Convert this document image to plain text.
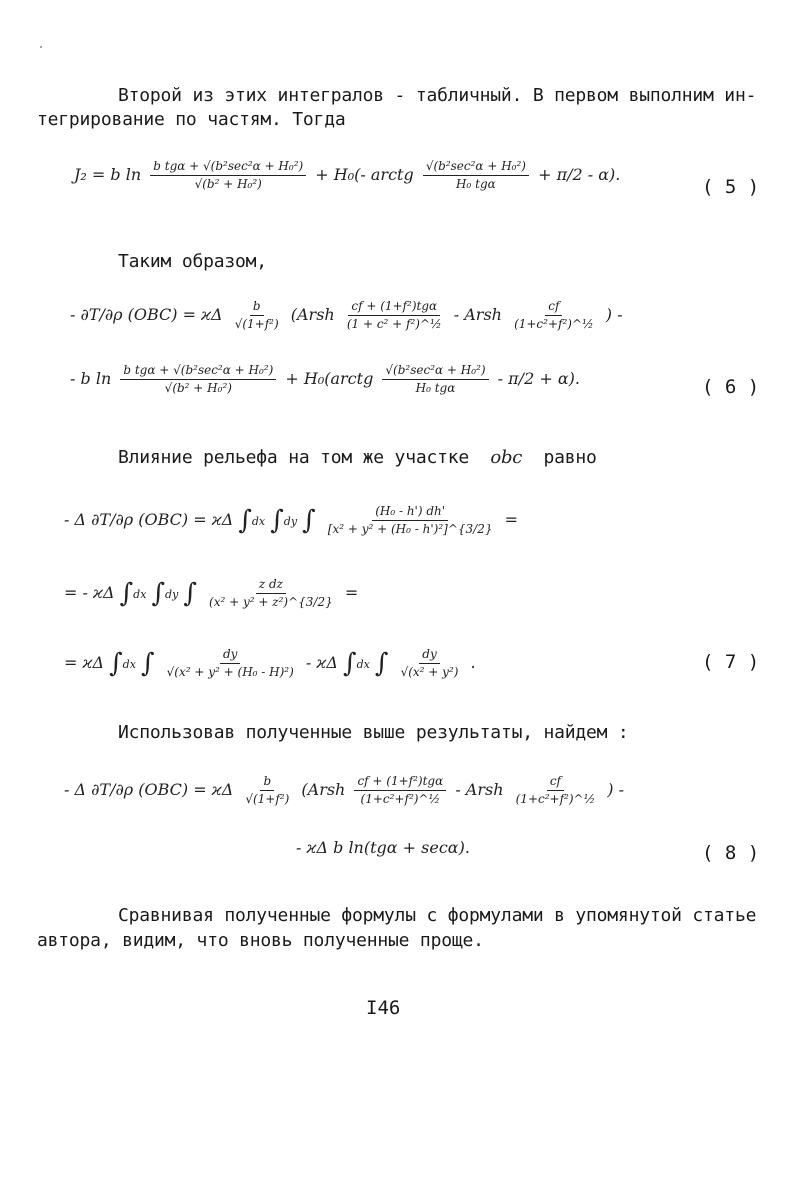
Второй из этих интегралов - табличный. В первом выполним ин-
тегрирование по частям. Тогда
J₂ = b $\ln \frac{\text{b tgα + √(b²sec²α + H₀²)}}{\text{√(b² + H₀²)}} + H_0(-$ arctg $\frac{\text{√(b²sec²α + H₀²)}}{\text{H₀ tgα}} + \pi/2 - \alpha$).
( 5 )
Таким образом,
- ∂T/∂ρ (OBC) = ϰΔ $\frac{b}{\text{√(1+f²)}}$ (Arsh $\frac{\text{cf + (1+f²)tgα}}{\text{(1 + c² + f²)\textasciicircum{}½}}$ - Arsh $\frac{cf}{\text{(1+c²+f²)\textasciicircum{}½}}$ ) -
- b $\ln \frac{\text{b tgα + √(b²sec²α + H₀²)}}{\text{√(b² + H₀²)}}$ + H₀(arctg $\frac{\text{√(b²sec²α + H₀²)}}{\text{H₀ tgα}} - \pi/2 + \alpha$).	( 6 )
Влияние рельефа на том же участке obc равно
- Δ ∂T/∂ρ (OBC) = ϰΔ ∫dx ∫dy ∫ $\frac{\text{(H₀ - h') dh'}}{\text{[x² + y² + (H₀ - h')²]\textasciicircum{}\{3/2\}}}$ =
= - ϰΔ ∫dx ∫dy ∫ $\frac{\text{z dz}}{\text{(x² + y² + z²)\textasciicircum{}\{3/2\}}}$ =
= ϰΔ ∫dx ∫ $\frac{dy}{\text{√(x² + y² + (H₀ - H)²)}}$ - ϰΔ ∫dx ∫ $\frac{dy}{\text{√(x² + y²)}}$ .	( 7 )
Использовав полученные выше результаты, найдем :
- Δ ∂T/∂ρ (OBC) = ϰΔ $\frac{b}{\text{√(1+f²)}}$ (Arsh $\frac{\text{cf + (1+f²)tgα}}{\text{(1+c²+f²)\textasciicircum{}½}}$ - Arsh $\frac{cf}{\text{(1+c²+f²)\textasciicircum{}½}}$ ) -
- ϰΔ b ln(tgα + secα).	( 8 )
Сравнивая полученные формулы с формулами в упомянутой статье
автора, видим, что вновь полученные проще.
I46
